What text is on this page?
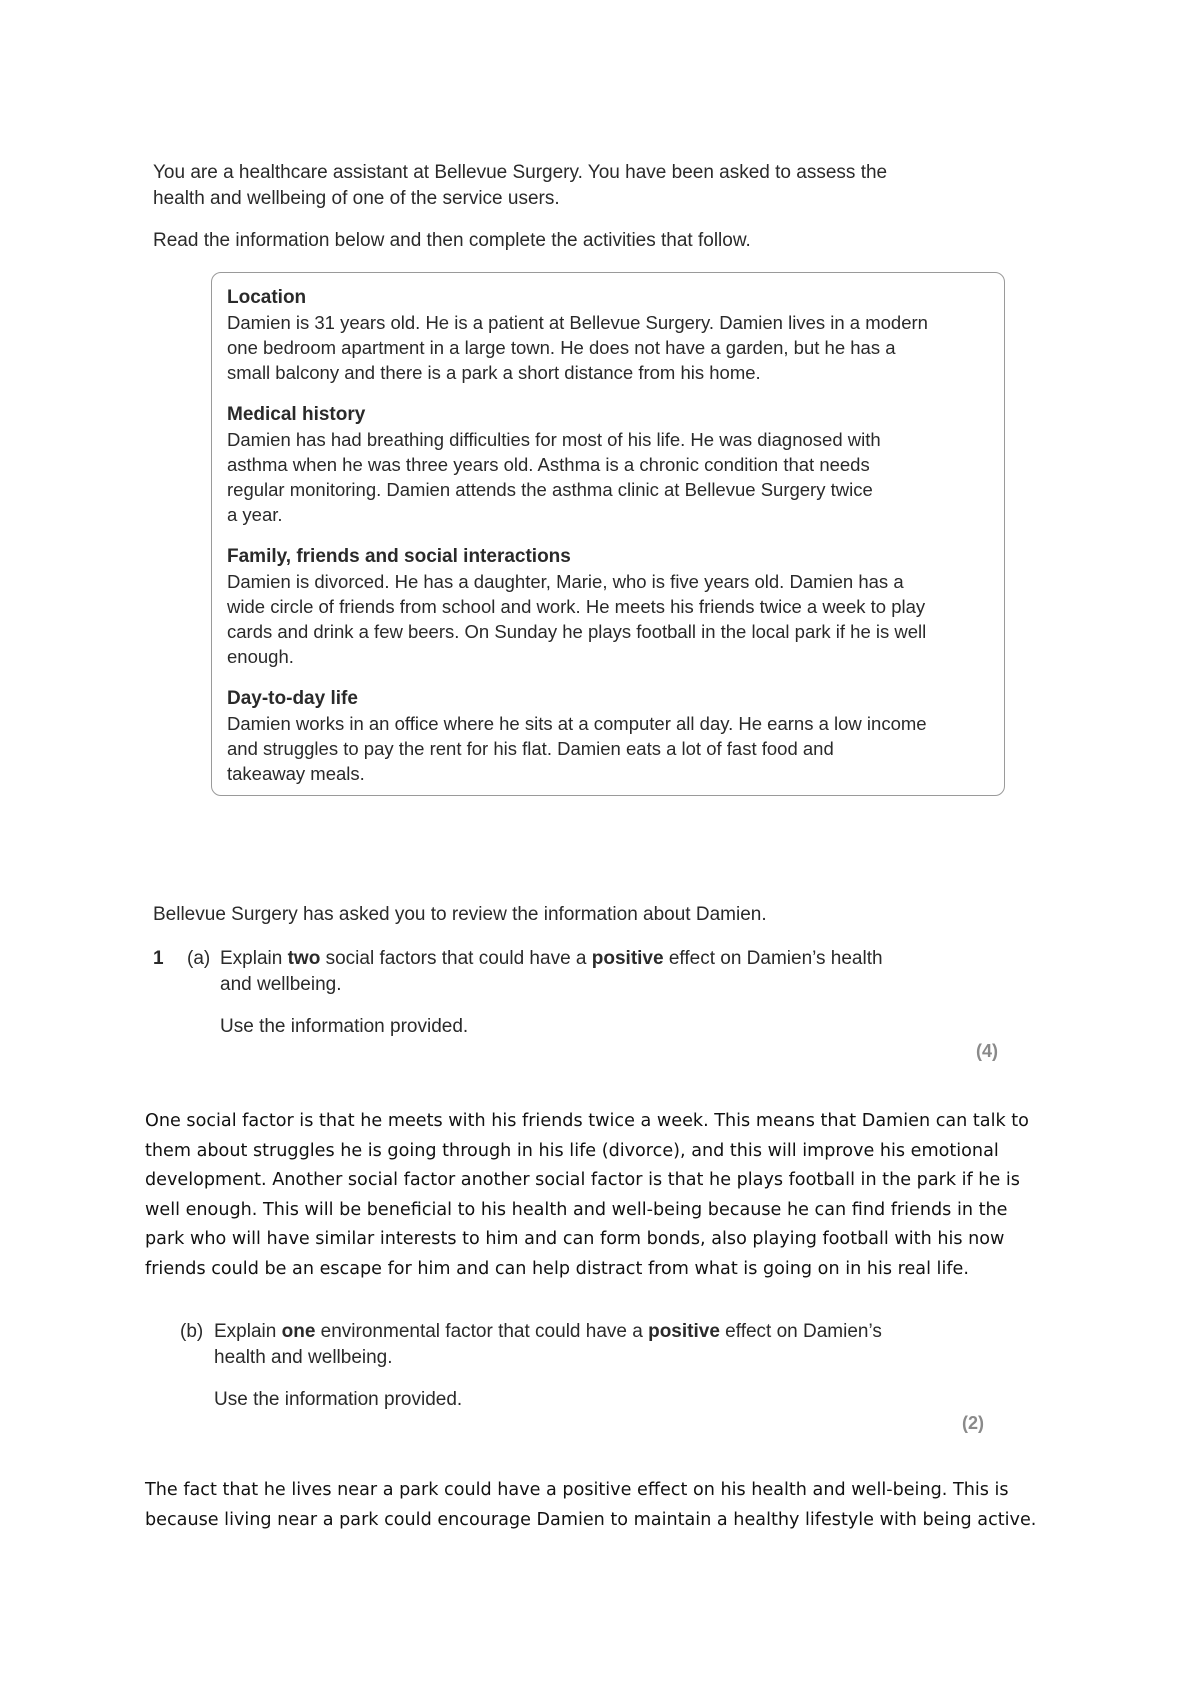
You are a healthcare assistant at Bellevue Surgery. You have been asked to assess the
health and wellbeing of one of the service users.

Read the information below and then complete the activities that follow.

Location

Damien is 31 years old. He is a patient at Bellevue Surgery. Damien lives in a modern
one bedroom apartment in a large town. He does not have a garden, but he has a
small balcony and there is a park a short distance from his home.

Medical history

Damien has had breathing difficulties for most of his life. He was diagnosed with
asthma when he was three years old. Asthma is a chronic condition that needs
regular monitoring. Damien attends the asthma clinic at Bellevue Surgery twice
a year.

Family, friends and social interactions

Damien is divorced. He has a daughter, Marie, who is five years old. Damien has a
wide circle of friends from school and work. He meets his friends twice a week to play
cards and drink a few beers. On Sunday he plays football in the local park if he is well
enough.

Day-to-day life

Damien works in an office where he sits at a computer all day. He earns a low income
and struggles to pay the rent for his flat. Damien eats a lot of fast food and
takeaway meals.

Bellevue Surgery has asked you to review the information about Damien.
1	(a) Explain two social factors that could have a positive effect on Damien’s health
and wellbeing.

Use the information provided.

(4)

One social factor is that he meets with his friends twice a week. This means that Damien can talk to
them about struggles he is going through in his life (divorce), and this will improve his emotional
development. Another social factor another social factor is that he plays football in the park if he is
well enough. This will be beneficial to his health and well-being because he can find friends in the
park who will have similar interests to him and can form bonds, also playing football with his now
friends could be an escape for him and can help distract from what is going on in his real life.

(b) Explain one environmental factor that could have a positive effect on Damien’s
health and wellbeing.

Use the information provided.

(2)

The fact that he lives near a park could have a positive effect on his health and well-being. This is
because living near a park could encourage Damien to maintain a healthy lifestyle with being active.
